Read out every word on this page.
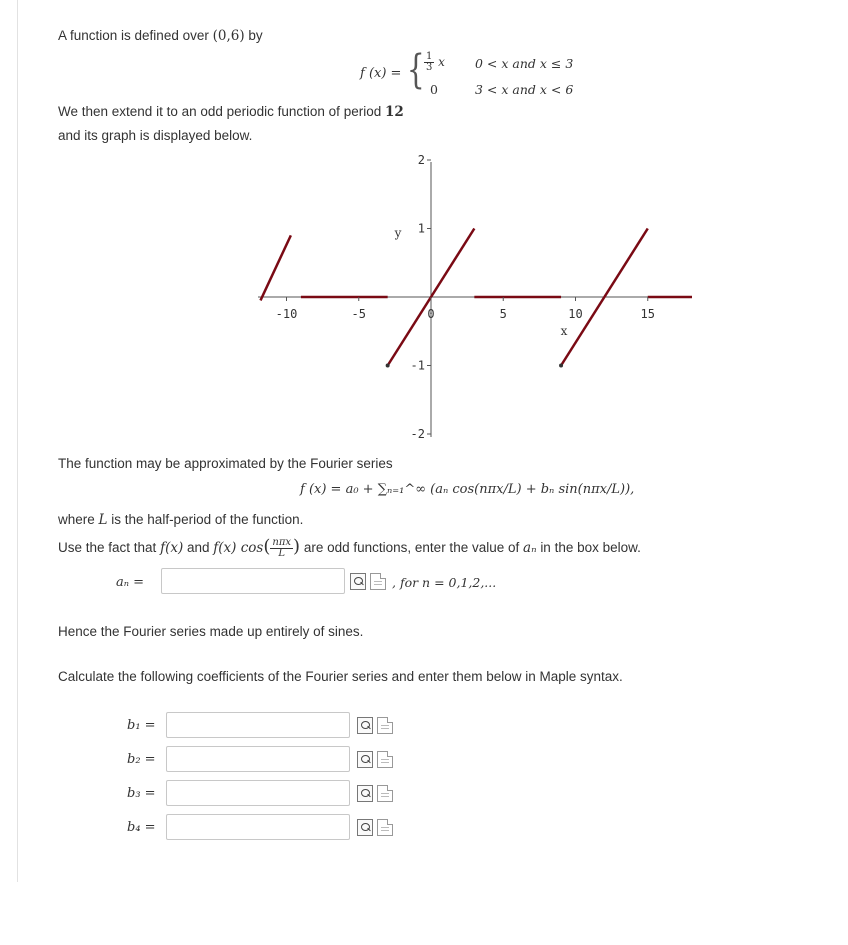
A function is defined over (0,6) by
f (x) = { $\frac{1}{3}$ x 0 < x and x ≤ 3
0	3 < x and x < 6
We then extend it to an odd periodic function of period 12
and its graph is displayed below.
-10	-5	0	5	10	15
2
1
-1
-2
x
y
The function may be approximated by the Fourier series
f (x) = a₀ + ∑ₙ₌₁^∞ (aₙ cos(nπx/L) + bₙ sin(nπx/L)),
where L is the half-period of the function.
Use the fact that f(x) and f(x) $\cos( \frac{\text{nπx}}{L}$ ) are odd functions, enter the value of aₙ in the box below.
aₙ =	, for n = 0,1,2,...
Hence the Fourier series made up entirely of sines.
Calculate the following coefficients of the Fourier series and enter them below in Maple syntax.
b₁ =
b₂ =
b₃ =
b₄ =
